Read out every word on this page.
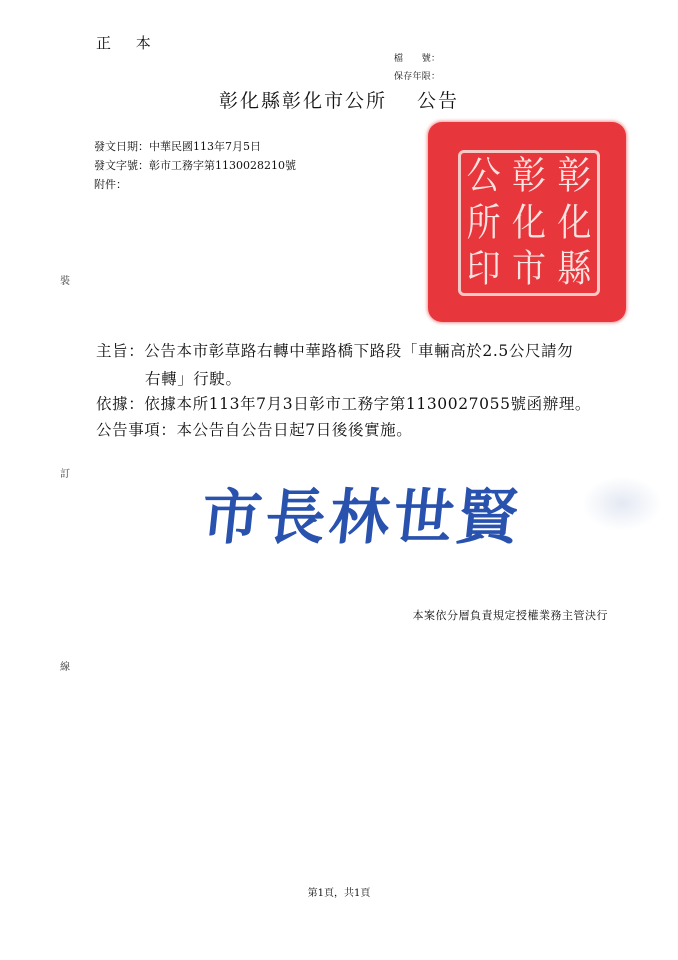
正 本
檔　　號：
保存年限：
彰化縣彰化市公所 公告
發文日期： 中華民國113年7月5日
發文字號： 彰市工務字第1130028210號
附件：
裝
訂
線
彰
化
縣
彰
化
市
公
所
印
主旨：公告本市彰草路右轉中華路橋下路段「車輛高於2.5公尺請勿
右轉」行駛。
依據：依據本所113年7月3日彰市工務字第1130027055號函辦理。
公告事項：本公告自公告日起7日後後實施。
市長林世賢
本案依分層負責規定授權業務主管決行
第1頁，共1頁
